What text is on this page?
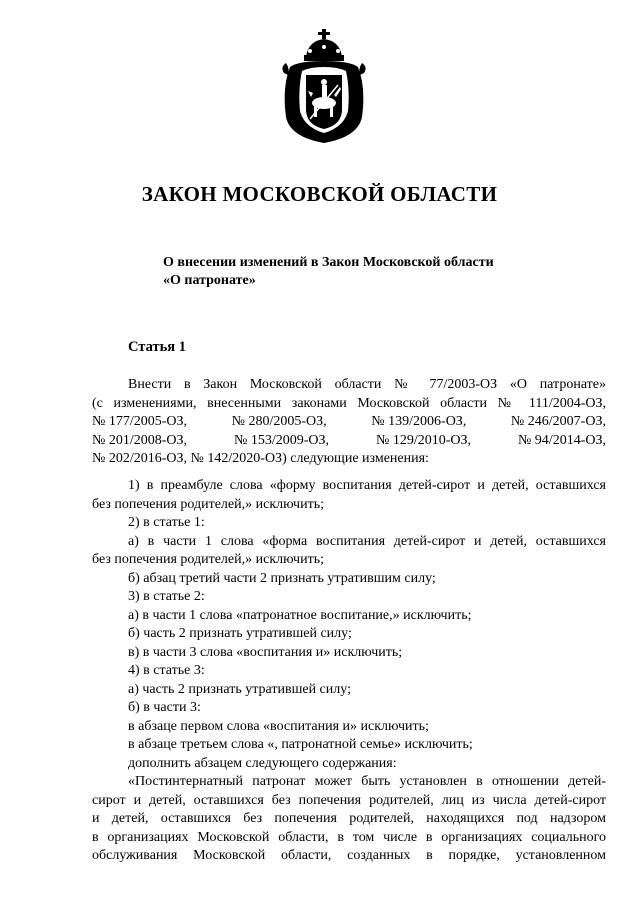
ЗАКОН МОСКОВСКОЙ ОБЛАСТИ
О внесении изменений в Закон Московской области
«О патронате»
Статья 1
Внести в Закон Московской области № 77/2003-ОЗ «О патронате»
(с изменениями, внесенными законами Московской области № 111/2004-ОЗ,
№ 177/2005-ОЗ,	№ 280/2005-ОЗ,	№ 139/2006-ОЗ,	№ 246/2007-ОЗ,
№ 201/2008-ОЗ,	№ 153/2009-ОЗ,	№ 129/2010-ОЗ,	№ 94/2014-ОЗ,
№ 202/2016-ОЗ, № 142/2020-ОЗ) следующие изменения:
1) в преамбуле слова «форму воспитания детей-сирот и детей, оставшихся
без попечения родителей,» исключить;
2) в статье 1:
а) в части 1 слова «форма воспитания детей-сирот и детей, оставшихся
без попечения родителей,» исключить;
б) абзац третий части 2 признать утратившим силу;
3) в статье 2:
а) в части 1 слова «патронатное воспитание,» исключить;
б) часть 2 признать утратившей силу;
в) в части 3 слова «воспитания и» исключить;
4) в статье 3:
а) часть 2 признать утратившей силу;
б) в части 3:
в абзаце первом слова «воспитания и» исключить;
в абзаце третьем слова «, патронатной семье» исключить;
дополнить абзацем следующего содержания:
«Постинтернатный патронат может быть установлен в отношении детей-
сирот и детей, оставшихся без попечения родителей, лиц из числа детей-сирот
и детей, оставшихся без попечения родителей, находящихся под надзором
в организациях Московской области, в том числе в организациях социального
обслуживания Московской области, созданных в порядке, установленном
